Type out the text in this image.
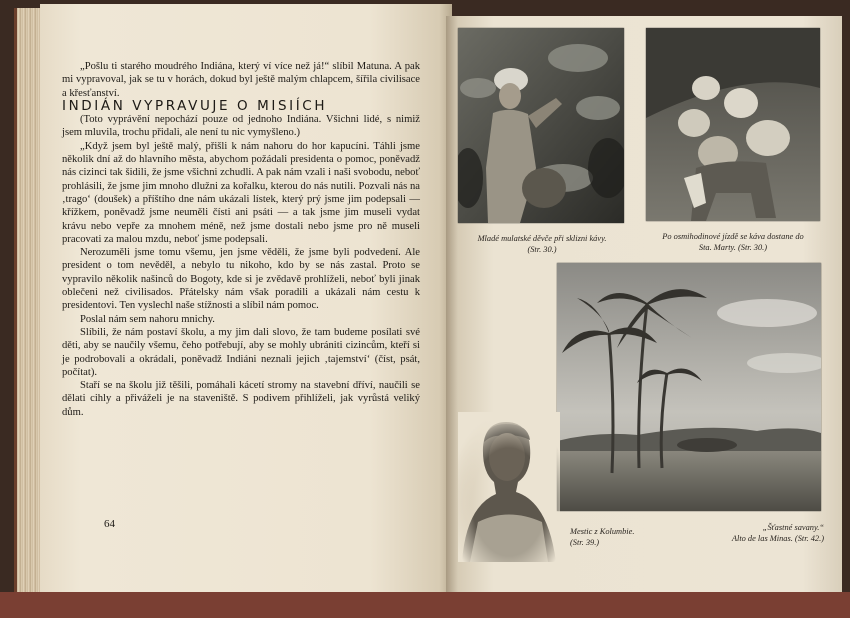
„Pošlu ti starého moudrého Indiána, který ví více než já!“ slíbil Matuna. A pak mi vypravoval, jak se tu v horách, dokud byl ještě malým chlapcem, šířila civilisace a křesťanství.

INDIÁN VYPRAVUJE O MISIÍCH

(Toto vyprávění nepochází pouze od jednoho Indiána. Všichni lidé, s nimiž jsem mluvila, trochu přidali, ale není tu nic vymyšleno.)

„Když jsem byl ještě malý, přišli k nám nahoru do hor kapucíni. Táhli jsme několik dní až do hlavního města, abychom požádali presidenta o pomoc, poněvadž nás cizinci tak šidili, že jsme všichni zchudli. A pak nám vzali i naši svobodu, neboť prohlásili, že jsme jim mnoho dlužni za kořalku, kterou do nás nutili. Pozvali nás na ‚trago‘ (doušek) a příštího dne nám ukázali lístek, který prý jsme jim podepsali — křížkem, poněvadž jsme neuměli čísti ani psáti — a tak jsme jim museli vydat krávu nebo vepře za mnohem méně, než jsme dostali nebo jsme pro ně museli pracovati za malou mzdu, neboť jsme podepsali.

Nerozuměli jsme tomu všemu, jen jsme věděli, že jsme byli podvedení. Ale president o tom nevěděl, a nebylo tu nikoho, kdo by se nás zastal. Proto se vypravilo několik našinců do Bogoty, kde si je zvědavě prohlíželi, neboť byli jinak oblečeni než civilisados. Přátelsky nám však poradili a ukázali nám cestu k presidentovi. Ten vyslechl naše stížnosti a slíbil nám pomoc.

Poslal nám sem nahoru mnichy.

Slíbili, že nám postaví školu, a my jim dali slovo, že tam budeme posílati své děti, aby se naučily všemu, čeho potřebují, aby se mohly ubrániti cizincům, kteří si je podrobovali a okrádali, poněvadž Indiáni neznali jejich ‚tajemství‘ (číst, psát, počítat).

Staří se na školu již těšili, pomáhali kácetí stromy na stavební dříví, naučili se dělati cihly a přiváželi je na staveniště. S podivem přihlíželi, jak vyrůstá veliký dům.

64
Mladé mulatské děvče při sklizni kávy.
(Str. 30.)
Po osmihodinové jízdě se káva dostane do
Sta. Marty. (Str. 30.)
Mestic z Kolumbie.
(Str. 39.)
„Šťastné savany.“
Alto de las Minas. (Str. 42.)
